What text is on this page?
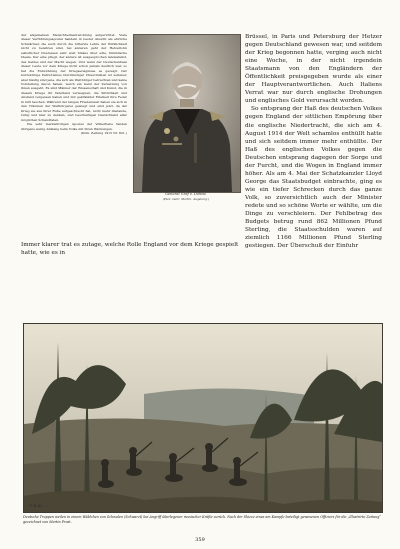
der allgemeinen Menschheitsentwicklung aufgerichtet. Viele dieser Verführungsapostel handeln in bester Absicht als ehrliche Schwärmer, die auch durch die bitterste Lehre der Wirklichkeit nicht zu belehren sind, bei anderen geht der Hetzerlohn selbstlicher Interessen sehr weit hinaus über edle, himmlische Ideale. Der eine pflegt, der andere ist ausgesprochen landesfeind, des Geldes und der Macht wegen. Und wenn der Deutschenhass dieser Leute vor dem Kriege nicht schon jemals deutlich war, so hat die Entwicklung der Kriegsereignisse es gezeigt. Der kurzsichtige Patriotismus blutrünstiger Chauvinisten ist seltener, aber häufig sind jene, die sich als Weltbürger betrachten und keine Vorstellung davon haben, welch ein Geist der Zersetzung von ihnen ausgeht. Es sind Männer der Wissenschaft und Kunst, die in diesem Kriege ihr Vaterland verleugnen, die Sittlichkeit und Anstand vergessen haben und mit gekränkter Eitelkeit ihre Feder in Gift tauchen. Während der langen Friedenszeit haben sie sich in den Träumen der Weltbürgerei gewiegt und sind jetzt, da der Krieg sie aus ihrer Ruhe aufgeschreckt hat, nicht mehr imstande, ruhig und klar zu denken, und beschuldigen Deutschland aller möglichen Schandtaten.

Die sehr merkwürdigen Apostel der Völkerliebe fanden übrigens wenig Anklang beim Volke mit ihren Warnungen.

(Köln. Zeitung 1915 Nr. 821.)

General Graf v. Dohna.
(Phot. Gebr. Martin, Augsburg.)

Immer klarer trat es zutage, welche Rolle England vor dem Kriege gespielt hatte, wie es in

Brüssel, in Paris und Petersburg der Hetzer gegen Deutschland gewesen war, und seitdem der Krieg begonnen hatte, verging auch nicht eine Woche, in der nicht irgendein Staatsmann von den Engländern der Öffentlichkeit preisgegeben wurde als einer der Hauptverantwortlichen. Auch Italiens Verrat war nur durch englische Drohungen und englisches Gold verursacht worden.

So entsprang der Haß des deutschen Volkes gegen England der sittlichen Empörung über die englische Niedertracht, die sich am 4. August 1914 der Welt schamlos enthüllt hatte und sich seitdem immer mehr enthüllte. Der Haß des englischen Volkes gegen die Deutschen entsprang dagegen der Sorge und der Furcht, und die Wogen in England immer höher. Als am 4. Mai der Schatzkanzler Lloyd George das Staatsbudget einbrachte, ging es wie ein tiefer Schrecken durch das ganze Volk, so zuversichtlich auch der Minister redete und so schöne Worte er wählte, um die Dinge zu verschleiern. Der Fehlbetrag des Budgets betrug rund 862 Millionen Pfund Sterling, die Staatsschulden waren auf ziemlich 1166 Millionen Pfund Sterling gestiegen. Der Überschuß der Einfuhr

F. R. Kr. ...
Deutsche Truppen weilen in einem Wäldchen von Schwalen (Schwarzt) bei Angriff überlegener russischer Kräfte zurück. Nach der Skizze eines am Kampfe beteiligt gewesenen Offiziers für die „Illustrirte Zeitung“ gezeichnet von Martin Frost.
359
